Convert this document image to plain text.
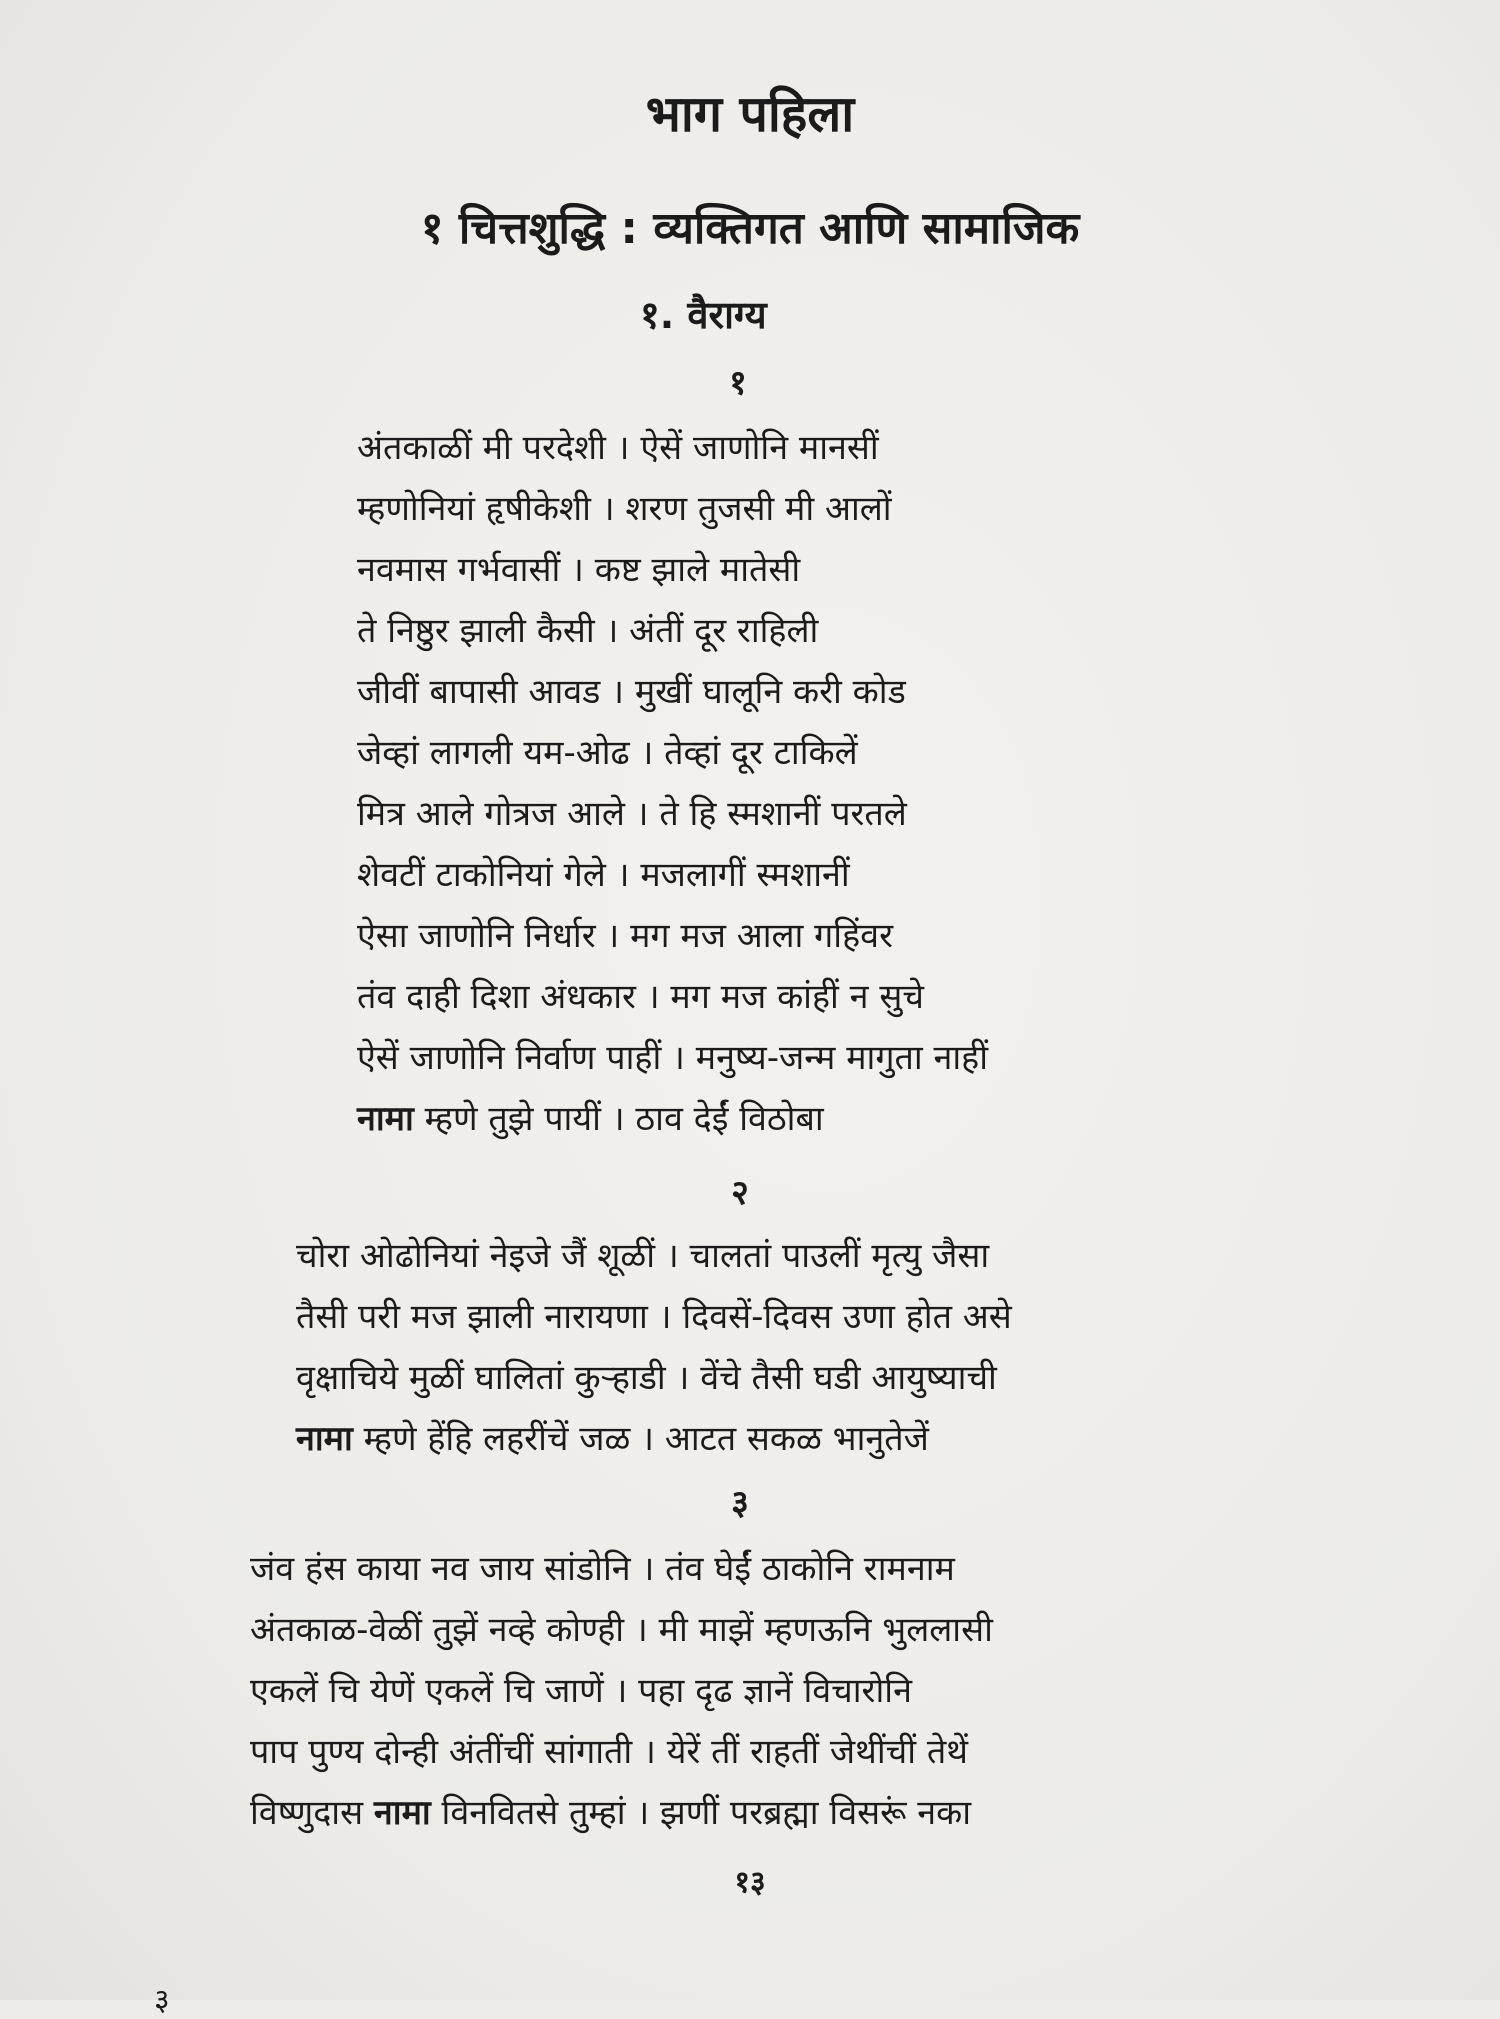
भाग पहिला
१ चित्तशुद्धि : व्यक्तिगत आणि सामाजिक
१. वैराग्य
१
अंतकाळीं मी परदेशी । ऐसें जाणोनि मानसीं
म्हणोनियां हृषीकेशी । शरण तुजसी मी आलों
नवमास गर्भवासीं । कष्ट झाले मातेसी
ते निष्ठुर झाली कैसी । अंतीं दूर राहिली
जीवीं बापासी आवड । मुखीं घालूनि करी कोड
जेव्हां लागली यम-ओढ । तेव्हां दूर टाकिलें
मित्र आले गोत्रज आले । ते हि स्मशानीं परतले
शेवटीं टाकोनियां गेले । मजलागीं स्मशानीं
ऐसा जाणोनि निर्धार । मग मज आला गहिंवर
तंव दाही दिशा अंधकार । मग मज कांहीं न सुचे
ऐसें जाणोनि निर्वाण पाहीं । मनुष्य-जन्म मागुता नाहीं
नामा म्हणे तुझे पायीं । ठाव देईं विठोबा
२
चोरा ओढोनियां नेइजे जैं शूळीं । चालतां पाउलीं मृत्यु जैसा
तैसी परी मज झाली नारायणा । दिवसें-दिवस उणा होत असे
वृक्षाचिये मुळीं घालितां कुऱ्हाडी । वेंचे तैसी घडी आयुष्याची
नामा म्हणे हेंहि लहरींचें जळ । आटत सकळ भानुतेजें
३
जंव हंस काया नव जाय सांडोनि । तंव घेईं ठाकोनि रामनाम
अंतकाळ-वेळीं तुझें नव्हे कोण्ही । मी माझें म्हणऊनि भुललासी
एकलें चि येणें एकलें चि जाणें । पहा दृढ ज्ञानें विचारोनि
पाप पुण्य दोन्ही अंतींचीं सांगाती । येरें तीं राहतीं जेथींचीं तेथें
विष्णुदास नामा विनवितसे तुम्हां । झणीं परब्रह्मा विसरूं नका
१३
३
